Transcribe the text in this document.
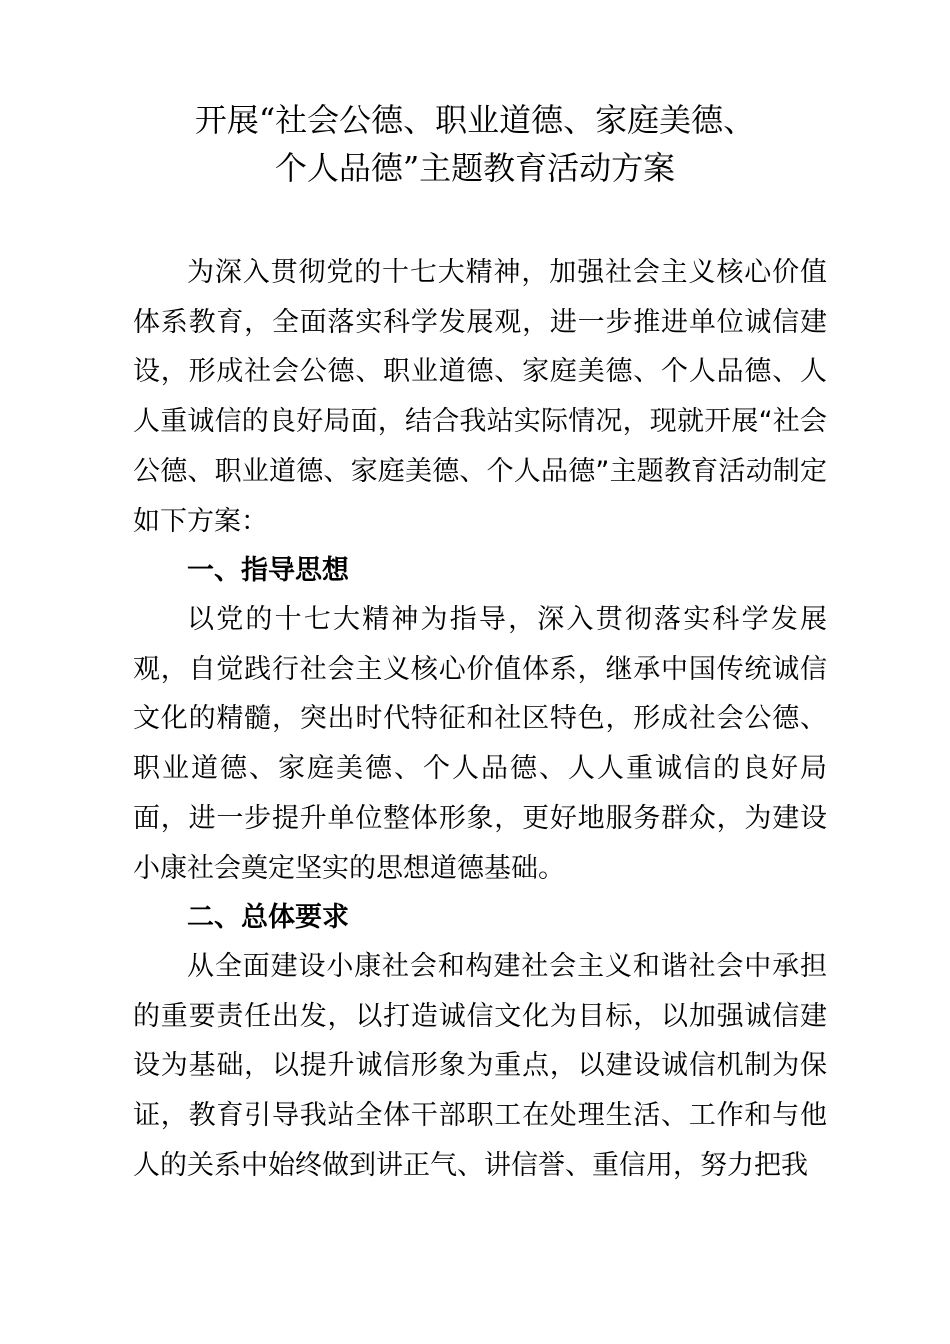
开展“社会公德、职业道德、家庭美德、
个人品德”主题教育活动方案

为深入贯彻党的十七大精神，加强社会主义核心价值体系教育，全面落实科学发展观，进一步推进单位诚信建设，形成社会公德、职业道德、家庭美德、个人品德、人人重诚信的良好局面，结合我站实际情况，现就开展“社会公德、职业道德、家庭美德、个人品德”主题教育活动制定如下方案：

一、指导思想

以党的十七大精神为指导，深入贯彻落实科学发展观，自觉践行社会主义核心价值体系，继承中国传统诚信文化的精髓，突出时代特征和社区特色，形成社会公德、职业道德、家庭美德、个人品德、人人重诚信的良好局面，进一步提升单位整体形象，更好地服务群众，为建设小康社会奠定坚实的思想道德基础。

二、总体要求

从全面建设小康社会和构建社会主义和谐社会中承担的重要责任出发，以打造诚信文化为目标，以加强诚信建设为基础，以提升诚信形象为重点，以建设诚信机制为保证，教育引导我站全体干部职工在处理生活、工作和与他人的关系中始终做到讲正气、讲信誉、重信用，努力把我
